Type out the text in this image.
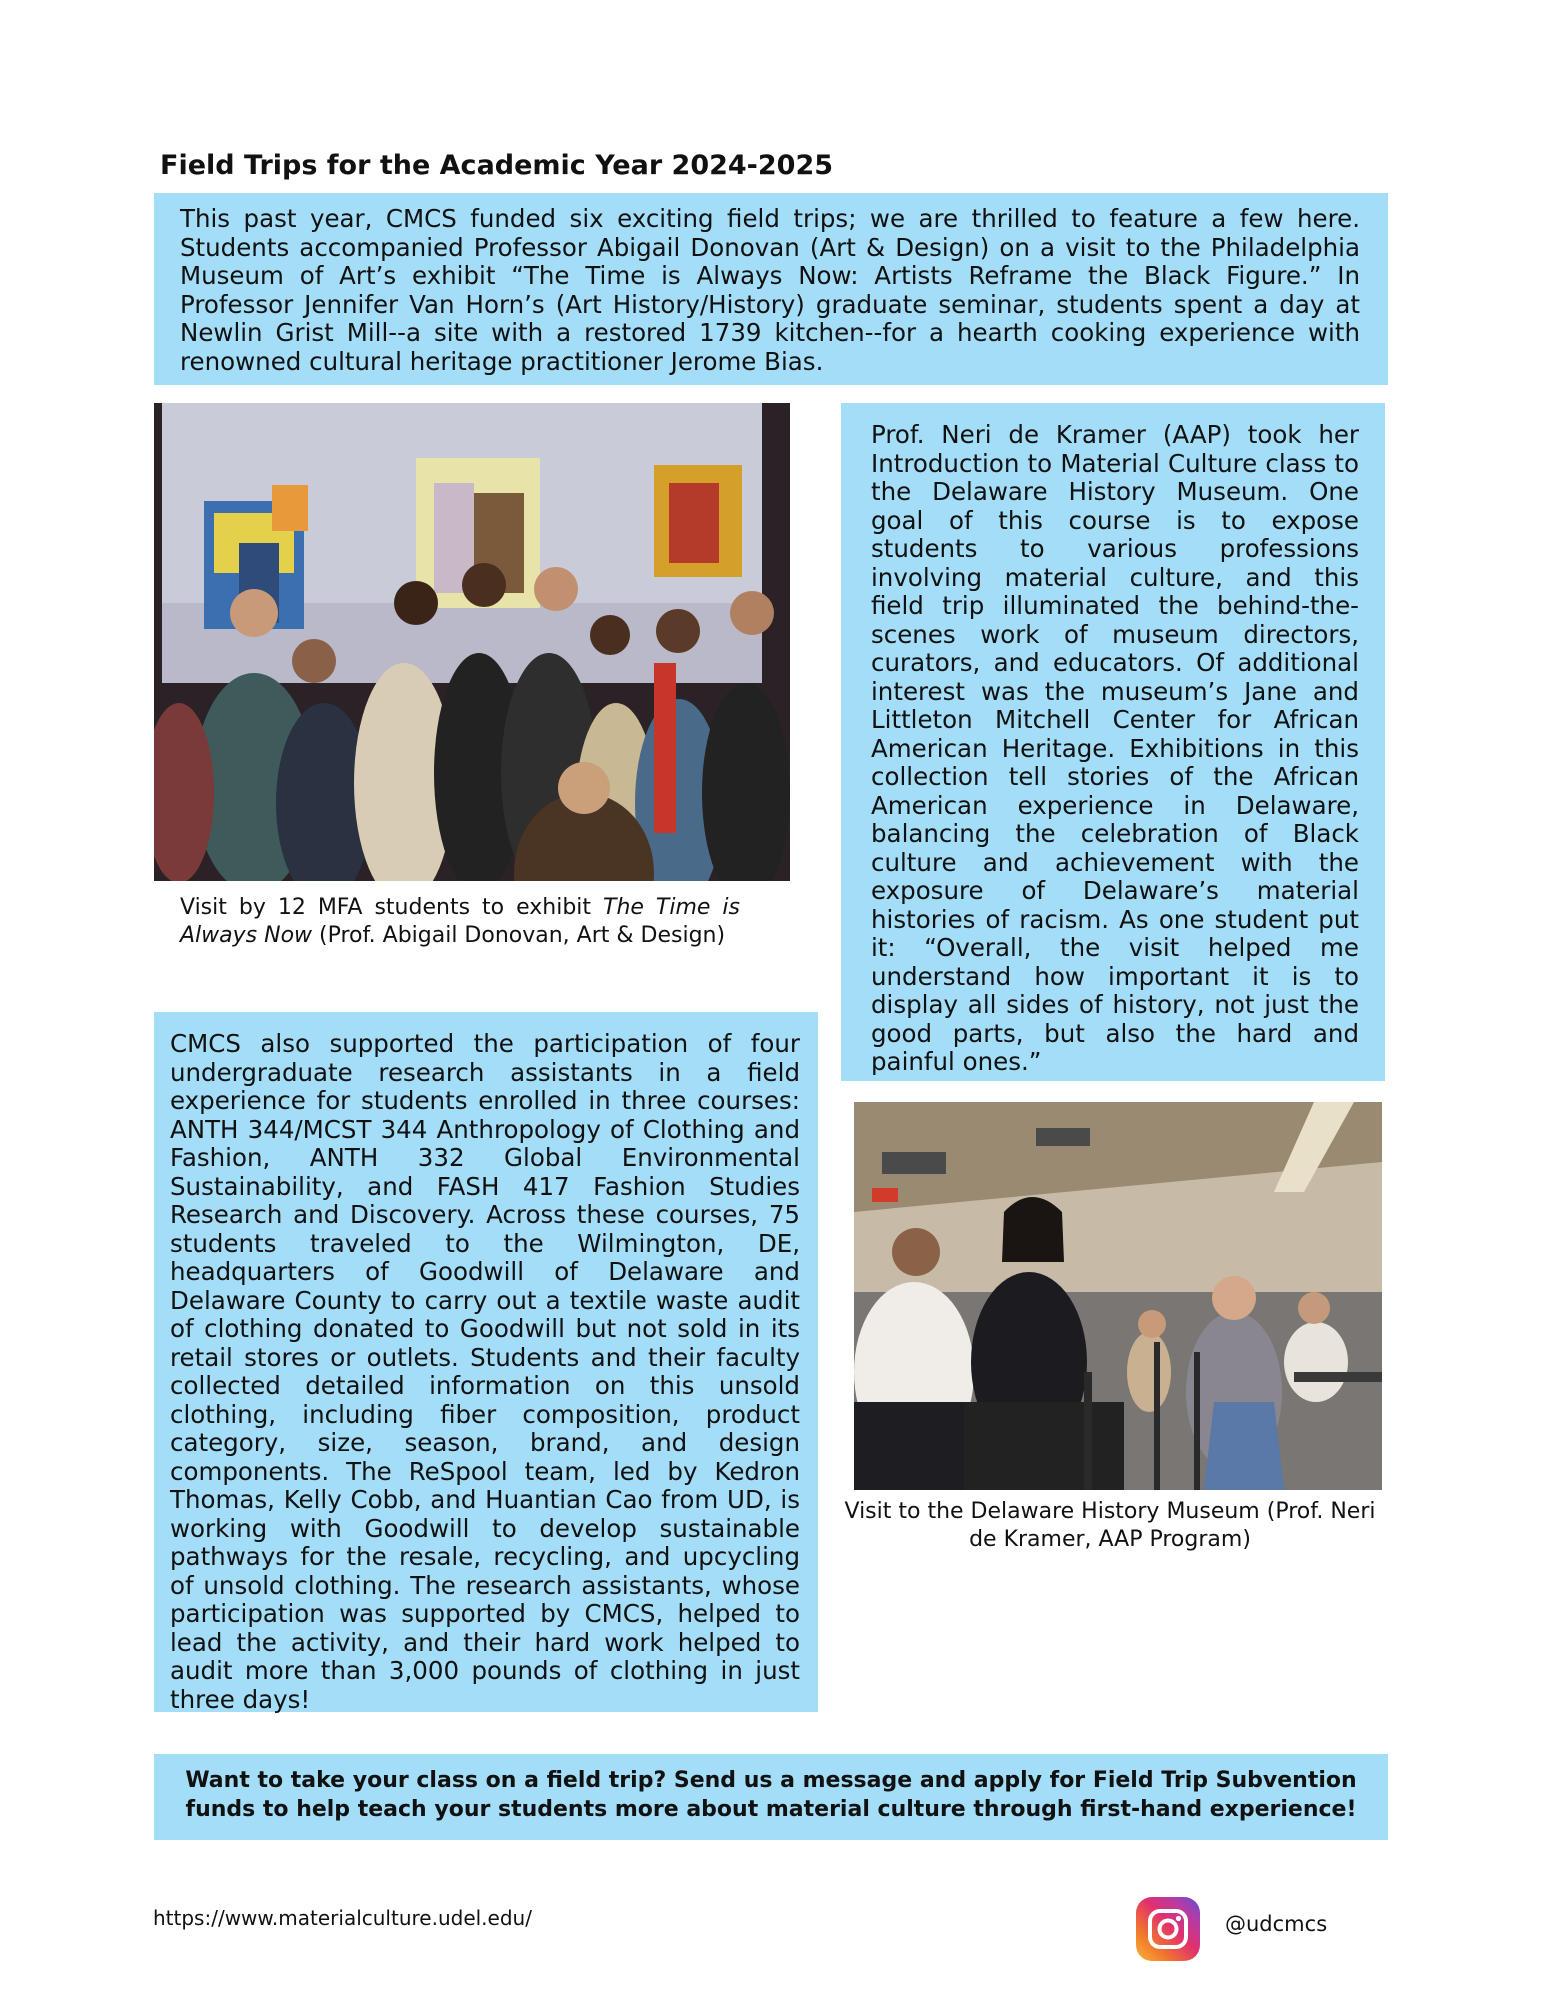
Field Trips for the Academic Year 2024-2025

This past year, CMCS funded six exciting field trips; we are thrilled to feature a few here. Students accompanied Professor Abigail Donovan (Art & Design) on a visit to the Philadelphia Museum of Art’s exhibit “The Time is Always Now: Artists Reframe the Black Figure.” In Professor Jennifer Van Horn’s (Art History/History) graduate seminar, students spent a day at Newlin Grist Mill--a site with a restored 1739 kitchen--for a hearth cooking experience with renowned cultural heritage practitioner Jerome Bias.

Visit by 12 MFA students to exhibit The Time is Always Now (Prof. Abigail Donovan, Art & Design)

Prof. Neri de Kramer (AAP) took her Introduction to Material Culture class to the Delaware History Museum. One goal of this course is to expose students to various professions involving material culture, and this field trip illuminated the behind-the-scenes work of museum directors, curators, and educators. Of additional interest was the museum’s Jane and Littleton Mitchell Center for African American Heritage. Exhibitions in this collection tell stories of the African American experience in Delaware, balancing the celebration of Black culture and achievement with the exposure of Delaware’s material histories of racism. As one student put it: “Overall, the visit helped me understand how important it is to display all sides of history, not just the good parts, but also the hard and painful ones.”

CMCS also supported the participation of four undergraduate research assistants in a field experience for students enrolled in three courses: ANTH 344/MCST 344 Anthropology of Clothing and Fashion, ANTH 332 Global Environmental Sustainability, and FASH 417 Fashion Studies Research and Discovery. Across these courses, 75 students traveled to the Wilmington, DE, headquarters of Goodwill of Delaware and Delaware County to carry out a textile waste audit of clothing donated to Goodwill but not sold in its retail stores or outlets. Students and their faculty collected detailed information on this unsold clothing, including fiber composition, product category, size, season, brand, and design components. The ReSpool team, led by Kedron Thomas, Kelly Cobb, and Huantian Cao from UD, is working with Goodwill to develop sustainable pathways for the resale, recycling, and upcycling of unsold clothing. The research assistants, whose participation was supported by CMCS, helped to lead the activity, and their hard work helped to audit more than 3,000 pounds of clothing in just three days!

Visit to the Delaware History Museum (Prof. Neri de Kramer, AAP Program)

Want to take your class on a field trip? Send us a message and apply for Field Trip Subvention funds to help teach your students more about material culture through first-hand experience!

https://www.materialculture.udel.edu/	@udcmcs
